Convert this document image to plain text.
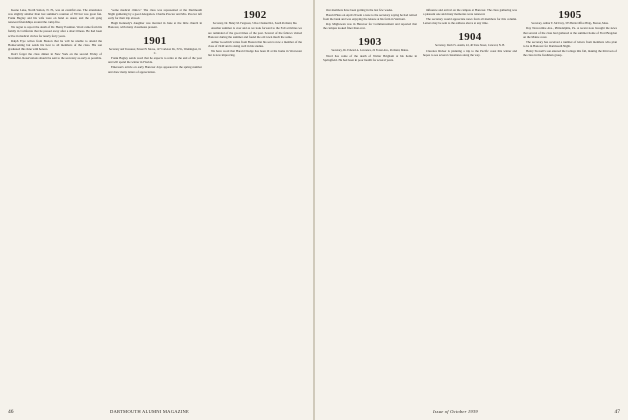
Keene Lake, North Sutton, N. H., was an eventful one. The attendance was slightly smaller than last summer's reunion of '00 but was great fun. Frank Bagley and his wife were on hand as usual, and the old gang renewed friendships around the camp fire.

We regret to report the death of Dr. Henry Eastman. Word came from his family in California that he passed away after a short illness. He had been active in medical circles for nearly forty years.

Ralph Frye writes from Boston that he will be unable to attend the Homecoming but sends his best to all members of the class. His son graduated this June with honors.

Don't forget the class dinner in New York on the second Friday of November. Reservations should be sent to the secretary as early as possible.

"some medical clinics." The class was represented at the Dartmouth Night gathering by a good delegation. Charlie Proctor and Mrs. Proctor left early for their trip abroad.

Hugh Kennedy's daughter was married in June at the little church in Hanover, with many classmates present.

1901
Secretary and Treasurer, Ernest H. Morse, 127 Carleton Dr., N.W., Washington, D. C.

Frank Bagley sends word that he expects to retire at the end of the year and will spend the winter in Florida.

Emerson's article on early Hanover days appeared in the spring number and drew many letters of appreciation.

1902
Secretary, Dr. Henry M. Ferguson, 3 Dos Channel Rd., South Portland, Me.

Another summer is over and as we look forward to the Fall activities we are reminded of the good times of the past. Several of the fellows visited Hanover during the summer and found the old town much the same.

Arthur Goodrich writes from Boston that his son is now a member of the class of 1940 and is doing well in his studies.

We have word that Harold Dodge has been ill at his home in Worcester but is now improving.

46	DARTMOUTH ALUMNI MAGAZINE

Our members have been getting in the last few weeks.

Harold Hess on April 20 sent a note to the secretary saying he had retired from the bank and was enjoying the leisure at his farm in Vermont.

Ray Mighowan was in Hanover for Commencement and reported that the campus looked finer than ever.

1903
Secretary, Dr. Edward A. Lawrence, 22 Forest Ave., Portland, Maine.

Word has come of the death of Walter Brigham at his home in Springfield. He had been in poor health for several years.

influence and arrival on the campus at Hanover. The class gathering was a pleasant one and many memories were renewed.

The secretary would appreciate news from all members for this column. Letters may be sent to the address above at any time.

1904
Secretary, David S. Austin, 2d, 40 State Street, Concord, N. H.

Clarence Ricker is planning a trip to the Pacific coast this winter and hopes to see several classmates along the way.

1905
Secretary, Arthur E. McClary, 333 Battle Office Bldg., Boston, Mass.

Day Newcombe Ave., Philadelphia, Pa. A recent note brought the news that several of the class had gathered at the summer home of Fred Bragdon on the Maine coast.

The secretary has received a number of letters from members who plan to be in Hanover for Dartmouth Night.

Henry Stowell's son entered the College this fall, making the third son of the class in the freshman group.

Issue of October 1939	47
